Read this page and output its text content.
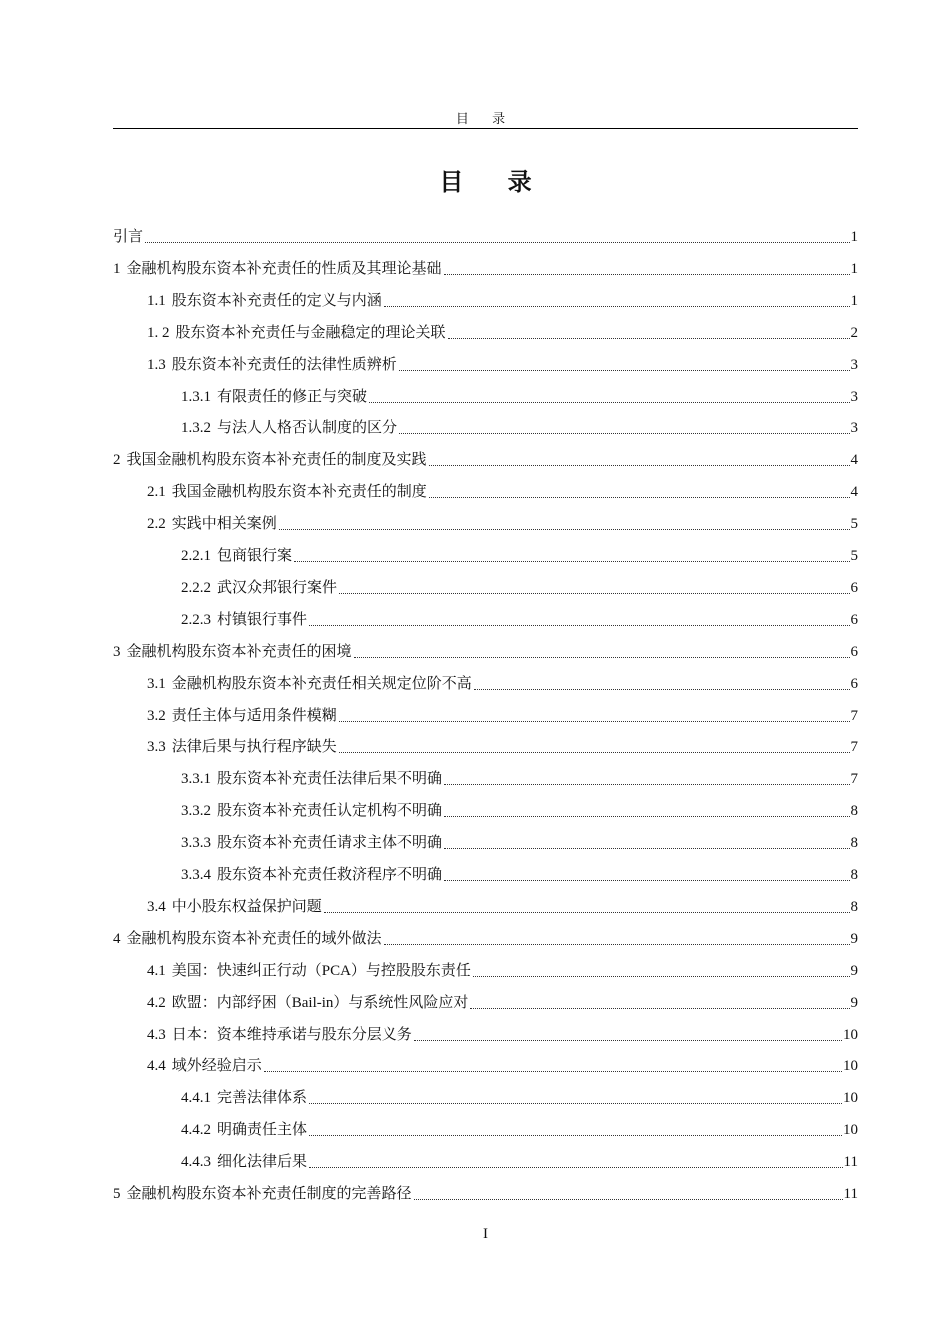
目 录
目 录
引言	1
1 金融机构股东资本补充责任的性质及其理论基础	1
1.1 股东资本补充责任的定义与内涵	1
1. 2 股东资本补充责任与金融稳定的理论关联	2
1.3 股东资本补充责任的法律性质辨析	3
1.3.1 有限责任的修正与突破	3
1.3.2 与法人人格否认制度的区分	3
2 我国金融机构股东资本补充责任的制度及实践	4
2.1 我国金融机构股东资本补充责任的制度	4
2.2 实践中相关案例	5
2.2.1 包商银行案	5
2.2.2 武汉众邦银行案件	6
2.2.3 村镇银行事件	6
3 金融机构股东资本补充责任的困境	6
3.1 金融机构股东资本补充责任相关规定位阶不高	6
3.2 责任主体与适用条件模糊	7
3.3 法律后果与执行程序缺失	7
3.3.1 股东资本补充责任法律后果不明确	7
3.3.2 股东资本补充责任认定机构不明确	8
3.3.3 股东资本补充责任请求主体不明确	8
3.3.4 股东资本补充责任救济程序不明确	8
3.4 中小股东权益保护问题	8
4 金融机构股东资本补充责任的域外做法	9
4.1 美国：快速纠正行动（PCA）与控股股东责任	9
4.2 欧盟：内部纾困（Bail-in）与系统性风险应对	9
4.3 日本：资本维持承诺与股东分层义务	10
4.4 域外经验启示	10
4.4.1 完善法律体系	10
4.4.2 明确责任主体	10
4.4.3 细化法律后果	11
5 金融机构股东资本补充责任制度的完善路径	11
I
